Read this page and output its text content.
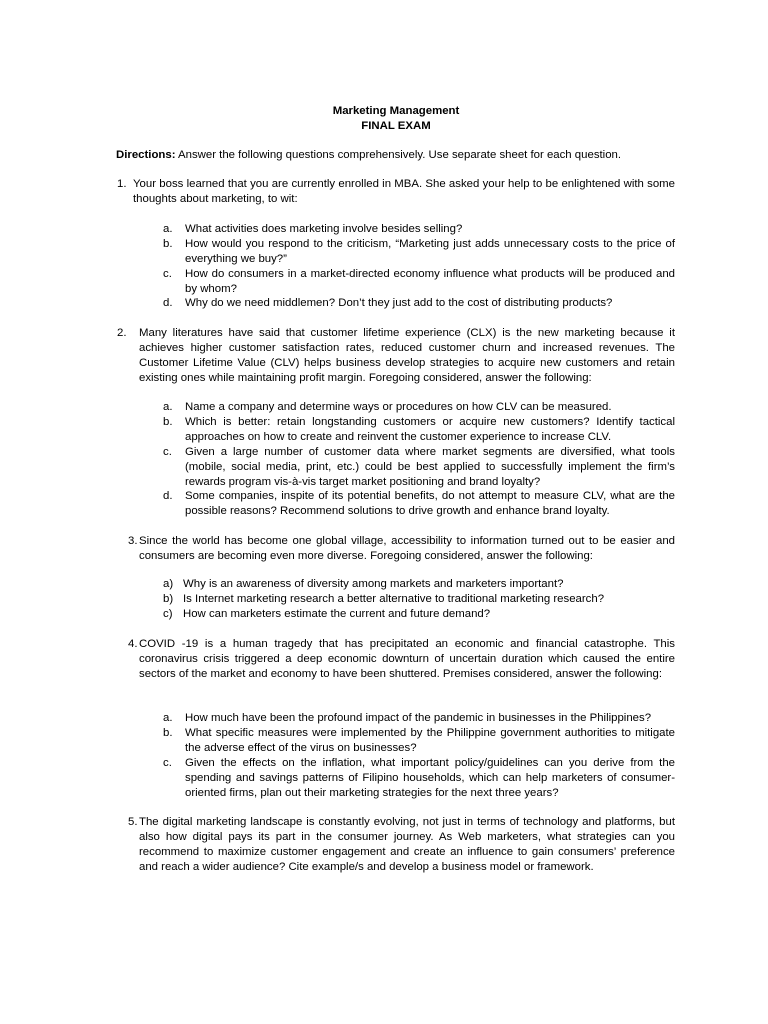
Marketing Management
FINAL EXAM
Directions: Answer the following questions comprehensively. Use separate sheet for each question.
1. Your boss learned that you are currently enrolled in MBA. She asked your help to be enlightened with some thoughts about marketing, to wit:
a. What activities does marketing involve besides selling?
b. How would you respond to the criticism, “Marketing just adds unnecessary costs to the price of everything we buy?”
c. How do consumers in a market-directed economy influence what products will be produced and by whom?
d. Why do we need middlemen? Don’t they just add to the cost of distributing products?
2. Many literatures have said that customer lifetime experience (CLX) is the new marketing because it achieves higher customer satisfaction rates, reduced customer churn and increased revenues. The Customer Lifetime Value (CLV) helps business develop strategies to acquire new customers and retain existing ones while maintaining profit margin. Foregoing considered, answer the following:
a. Name a company and determine ways or procedures on how CLV can be measured.
b. Which is better: retain longstanding customers or acquire new customers? Identify tactical approaches on how to create and reinvent the customer experience to increase CLV.
c. Given a large number of customer data where market segments are diversified, what tools (mobile, social media, print, etc.) could be best applied to successfully implement the firm’s rewards program vis-à-vis target market positioning and brand loyalty?
d. Some companies, inspite of its potential benefits, do not attempt to measure CLV, what are the possible reasons? Recommend solutions to drive growth and enhance brand loyalty.
3. Since the world has become one global village, accessibility to information turned out to be easier and consumers are becoming even more diverse. Foregoing considered, answer the following:
a) Why is an awareness of diversity among markets and marketers important?
b) Is Internet marketing research a better alternative to traditional marketing research?
c) How can marketers estimate the current and future demand?
4. COVID -19 is a human tragedy that has precipitated an economic and financial catastrophe. This coronavirus crisis triggered a deep economic downturn of uncertain duration which caused the entire sectors of the market and economy to have been shuttered. Premises considered, answer the following:
a. How much have been the profound impact of the pandemic in businesses in the Philippines?
b. What specific measures were implemented by the Philippine government authorities to mitigate the adverse effect of the virus on businesses?
c. Given the effects on the inflation, what important policy/guidelines can you derive from the spending and savings patterns of Filipino households, which can help marketers of consumer-oriented firms, plan out their marketing strategies for the next three years?
5. The digital marketing landscape is constantly evolving, not just in terms of technology and platforms, but also how digital pays its part in the consumer journey. As Web marketers, what strategies can you recommend to maximize customer engagement and create an influence to gain consumers’ preference and reach a wider audience? Cite example/s and develop a business model or framework.
